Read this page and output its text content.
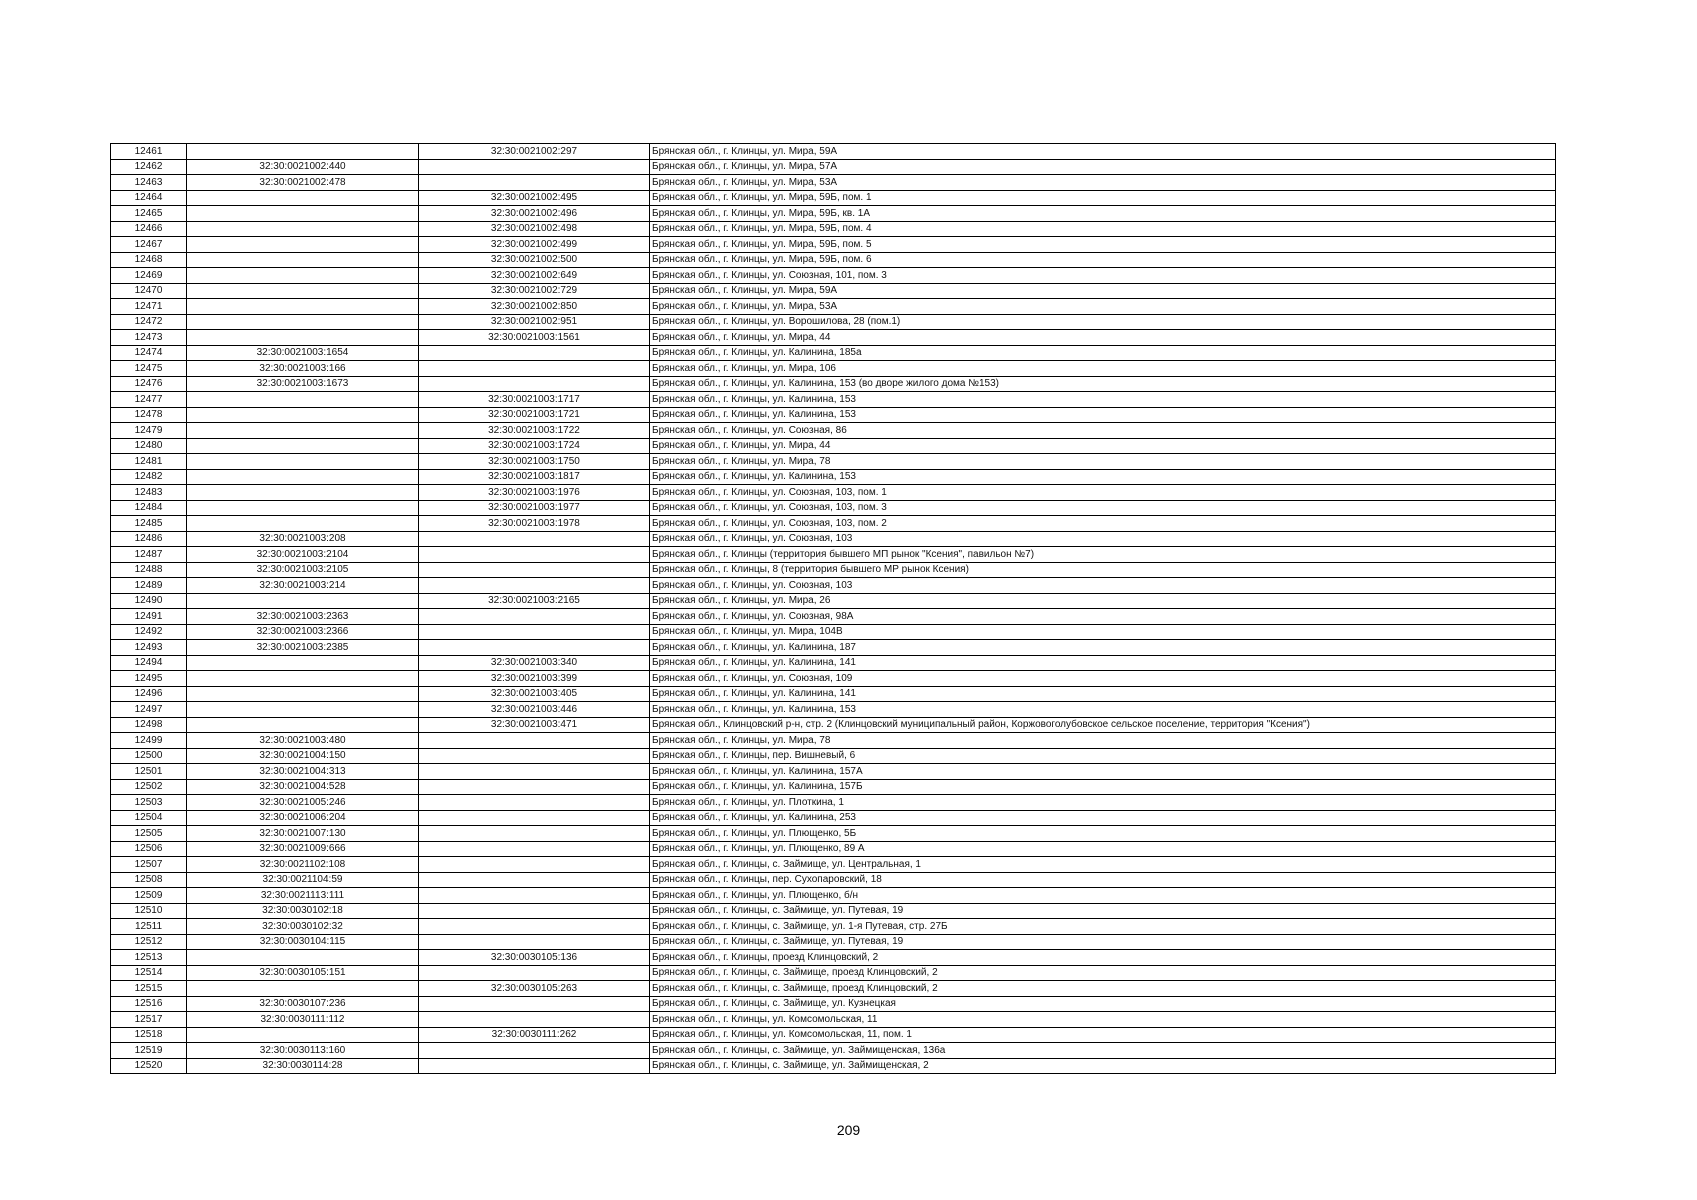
12461		32:30:0021002:297	Брянская обл., г. Клинцы, ул. Мира, 59А
12462	32:30:0021002:440		Брянская обл., г. Клинцы, ул. Мира, 57А
12463	32:30:0021002:478		Брянская обл., г. Клинцы, ул. Мира, 53А
12464		32:30:0021002:495	Брянская обл., г. Клинцы, ул. Мира, 59Б, пом. 1
12465		32:30:0021002:496	Брянская обл., г. Клинцы, ул. Мира, 59Б, кв. 1А
12466		32:30:0021002:498	Брянская обл., г. Клинцы, ул. Мира, 59Б, пом. 4
12467		32:30:0021002:499	Брянская обл., г. Клинцы, ул. Мира, 59Б, пом. 5
12468		32:30:0021002:500	Брянская обл., г. Клинцы, ул. Мира, 59Б, пом. 6
12469		32:30:0021002:649	Брянская обл., г. Клинцы, ул. Союзная, 101, пом. 3
12470		32:30:0021002:729	Брянская обл., г. Клинцы, ул. Мира, 59А
12471		32:30:0021002:850	Брянская обл., г. Клинцы, ул. Мира, 53А
12472		32:30:0021002:951	Брянская обл., г. Клинцы, ул. Ворошилова, 28 (пом.1)
12473		32:30:0021003:1561	Брянская обл., г. Клинцы, ул. Мира, 44
12474	32:30:0021003:1654		Брянская обл., г. Клинцы, ул. Калинина, 185а
12475	32:30:0021003:166		Брянская обл., г. Клинцы, ул. Мира, 106
12476	32:30:0021003:1673		Брянская обл., г. Клинцы, ул. Калинина, 153 (во дворе жилого дома №153)
12477		32:30:0021003:1717	Брянская обл., г. Клинцы, ул. Калинина, 153
12478		32:30:0021003:1721	Брянская обл., г. Клинцы, ул. Калинина, 153
12479		32:30:0021003:1722	Брянская обл., г. Клинцы, ул. Союзная, 86
12480		32:30:0021003:1724	Брянская обл., г. Клинцы, ул. Мира, 44
12481		32:30:0021003:1750	Брянская обл., г. Клинцы, ул. Мира, 78
12482		32:30:0021003:1817	Брянская обл., г. Клинцы, ул. Калинина, 153
12483		32:30:0021003:1976	Брянская обл., г. Клинцы, ул. Союзная, 103, пом. 1
12484		32:30:0021003:1977	Брянская обл., г. Клинцы, ул. Союзная, 103, пом. 3
12485		32:30:0021003:1978	Брянская обл., г. Клинцы, ул. Союзная, 103, пом. 2
12486	32:30:0021003:208		Брянская обл., г. Клинцы, ул. Союзная, 103
12487	32:30:0021003:2104		Брянская обл., г. Клинцы (территория бывшего МП рынок "Ксения", павильон №7)
12488	32:30:0021003:2105		Брянская обл., г. Клинцы, 8 (территория бывшего МР рынок Ксения)
12489	32:30:0021003:214		Брянская обл., г. Клинцы, ул. Союзная, 103
12490		32:30:0021003:2165	Брянская обл., г. Клинцы, ул. Мира, 26
12491	32:30:0021003:2363		Брянская обл., г. Клинцы, ул. Союзная, 98А
12492	32:30:0021003:2366		Брянская обл., г. Клинцы, ул. Мира, 104В
12493	32:30:0021003:2385		Брянская обл., г. Клинцы, ул. Калинина, 187
12494		32:30:0021003:340	Брянская обл., г. Клинцы, ул. Калинина, 141
12495		32:30:0021003:399	Брянская обл., г. Клинцы, ул. Союзная, 109
12496		32:30:0021003:405	Брянская обл., г. Клинцы, ул. Калинина, 141
12497		32:30:0021003:446	Брянская обл., г. Клинцы, ул. Калинина, 153
12498		32:30:0021003:471	Брянская обл., Клинцовский р-н, стр. 2 (Клинцовский муниципальный район, Коржовоголубовское сельское поселение, территория "Ксения")
12499	32:30:0021003:480		Брянская обл., г. Клинцы, ул. Мира, 78
12500	32:30:0021004:150		Брянская обл., г. Клинцы, пер. Вишневый, 6
12501	32:30:0021004:313		Брянская обл., г. Клинцы, ул. Калинина, 157А
12502	32:30:0021004:528		Брянская обл., г. Клинцы, ул. Калинина, 157Б
12503	32:30:0021005:246		Брянская обл., г. Клинцы, ул. Плоткина, 1
12504	32:30:0021006:204		Брянская обл., г. Клинцы, ул. Калинина, 253
12505	32:30:0021007:130		Брянская обл., г. Клинцы, ул. Плющенко, 5Б
12506	32:30:0021009:666		Брянская обл., г. Клинцы, ул. Плющенко, 89 А
12507	32:30:0021102:108		Брянская обл., г. Клинцы, с. Займище, ул. Центральная, 1
12508	32:30:0021104:59		Брянская обл., г. Клинцы, пер. Сухопаровский, 18
12509	32:30:0021113:111		Брянская обл., г. Клинцы, ул. Плющенко, б/н
12510	32:30:0030102:18		Брянская обл., г. Клинцы, с. Займище, ул. Путевая, 19
12511	32:30:0030102:32		Брянская обл., г. Клинцы, с. Займище, ул. 1-я Путевая, стр. 27Б
12512	32:30:0030104:115		Брянская обл., г. Клинцы, с. Займище, ул. Путевая, 19
12513		32:30:0030105:136	Брянская обл., г. Клинцы, проезд Клинцовский, 2
12514	32:30:0030105:151		Брянская обл., г. Клинцы, с. Займище, проезд Клинцовский, 2
12515		32:30:0030105:263	Брянская обл., г. Клинцы, с. Займище, проезд Клинцовский, 2
12516	32:30:0030107:236		Брянская обл., г. Клинцы, с. Займище, ул. Кузнецкая
12517	32:30:0030111:112		Брянская обл., г. Клинцы, ул. Комсомольская, 11
12518		32:30:0030111:262	Брянская обл., г. Клинцы, ул. Комсомольская, 11, пом. 1
12519	32:30:0030113:160		Брянская обл., г. Клинцы, с. Займище, ул. Займищенская, 136а
12520	32:30:0030114:28		Брянская обл., г. Клинцы, с. Займище, ул. Займищенская, 2
209
